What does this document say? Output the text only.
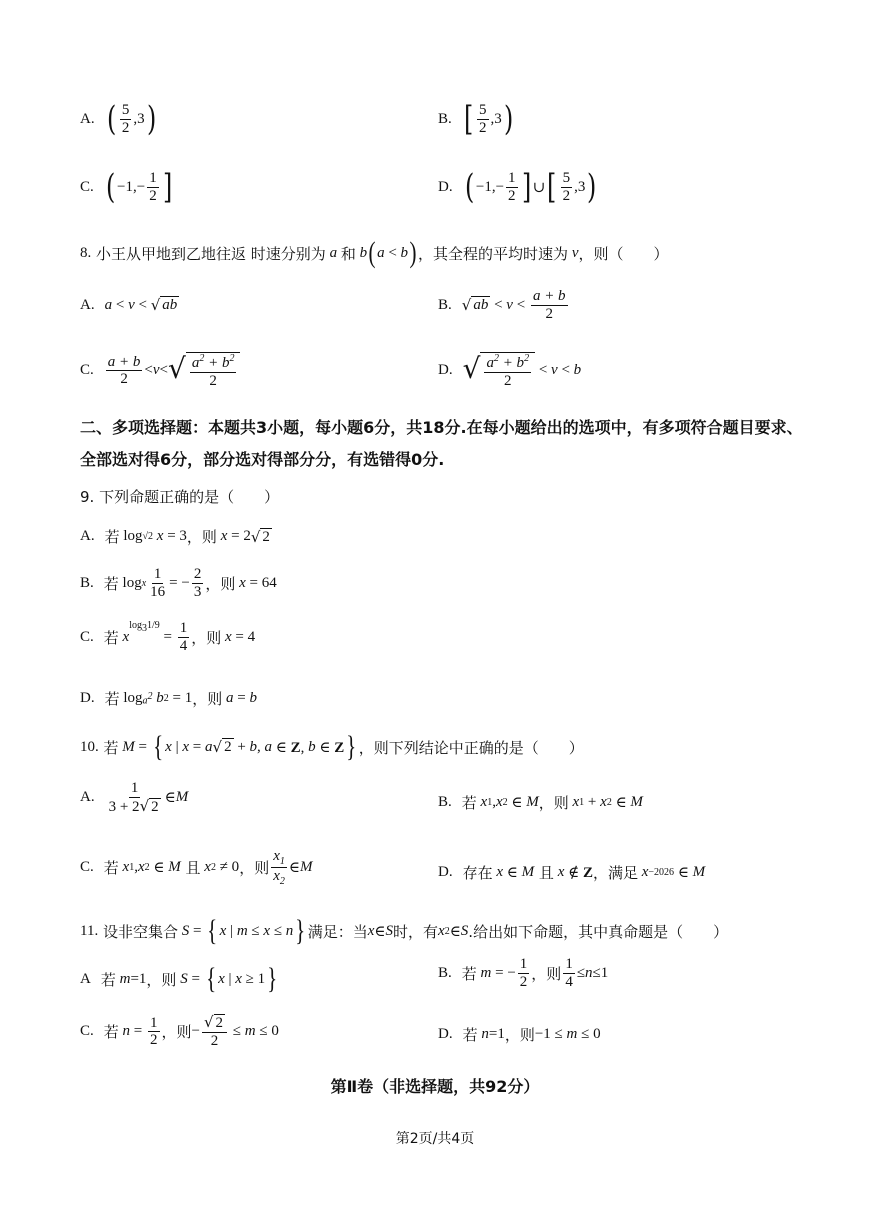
A. ( $\frac{5}{2} ,3$ )	B. [ $\frac{5}{2} ,3$ )
C. ( $-1,- \frac{1}{2}$ ]	D. ( $-1,- \frac{1}{2}$ ] ∪ [ $\frac{5}{2} ,3$ )
8.
小王从甲地到乙地往返 时速分别为 a 和 b ( a < b ) ，其全程的平均时速为 v ，则（　　）
A. a < v < √ ab	B. √ ab < $v < \frac{a + b}{2}$
C. $\frac{a + b}{2} < v$ < √ $\frac{a^2 + b^2}{2}$	D. √ $\frac{a^2 + b^2}{2} < v < b$
二、多项选择题：本题共3小题，每小题6分，共18分.在每小题给出的选项中，有多项符合题目要求、全部选对得6分，部分选对得部分分，有选错得0分.
9. 下列命题正确的是（　　）
A. 若 log √2 x = 3 ，则 x = 2 √ 2
B. 若 log x $\frac{1}{16}$ = − $\frac{2}{3}$ ，则 x = 64
C. 若 x
$^{log_31/9}$
= $\frac{1}{4}$ ，则 x = 4
D. 若 $\log a^2$ b 2 = 1 ，则 a = b
10.
若 M = { x | x = a √ 2 + b , a ∈ Z, b ∈ Z } ，则下列结论中正确的是（　　）
A. $\frac{1}{3 + 2 √ 2}$ ∈ M	B. 若 x 1 , x 2 ∈ M ，则 x 1 + x 2 ∈ M
C. 若 x 1 , x 2 ∈ M
且 x 2 ≠ 0 ，则 $\frac{x_1}{x_2}$ ∈ M	D. 存在 x ∈ M
且 x ∉ Z ，满足 x −2026 ∈ M
11.
设非空集合 S = { x | m ≤ x ≤ n } 满足：当 x ∈ S 时，有 x 2 ∈ S .给出如下命题，其中真命题是（　　）
A 若 m =1 ，则 S = { x | x ≥ 1 }	B. 若 m = − $\frac{1}{2}$ ，则 $\frac{1}{4} \le n \le 1$
C. 若 $n = \frac{1}{2}$ ，则 − $\frac{√ 2}{2} \le m \le 0$	D. 若 n =1 ，则 −1 ≤ m ≤ 0
第Ⅱ卷（非选择题，共92分）
第2页/共4页
